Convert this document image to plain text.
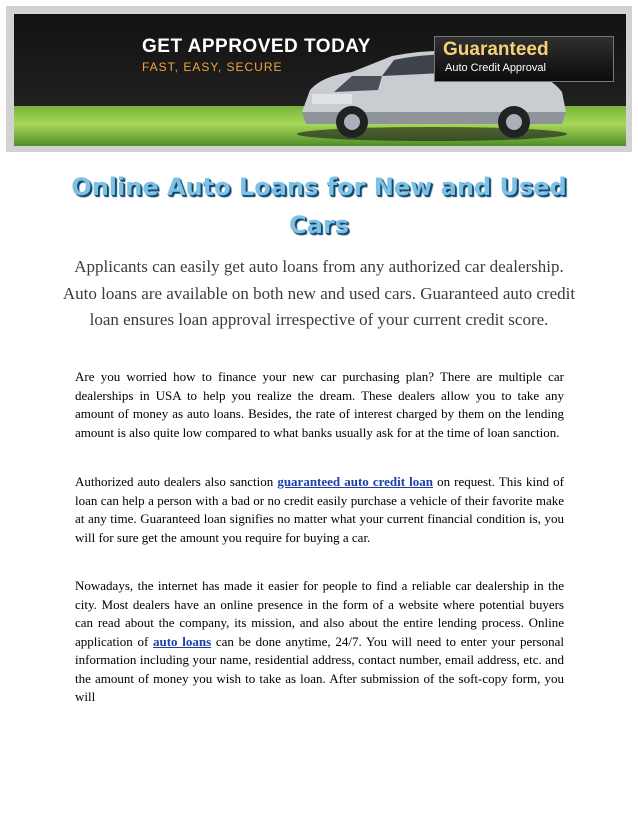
GET APPROVED TODAY
FAST, EASY, SECURE
Guaranteed
Auto Credit Approval
Online Auto Loans for New and Used Cars
Applicants can easily get auto loans from any authorized car dealership. Auto loans are available on both new and used cars. Guaranteed auto credit loan ensures loan approval irrespective of your current credit score.

Are you worried how to finance your new car purchasing plan? There are multiple car dealerships in USA to help you realize the dream. These dealers allow you to take any amount of money as auto loans. Besides, the rate of interest charged by them on the lending amount is also quite low compared to what banks usually ask for at the time of loan sanction.

Authorized auto dealers also sanction guaranteed auto credit loan on request. This kind of loan can help a person with a bad or no credit easily purchase a vehicle of their favorite make at any time. Guaranteed loan signifies no matter what your current financial condition is, you will for sure get the amount you require for buying a car.

Nowadays, the internet has made it easier for people to find a reliable car dealership in the city. Most dealers have an online presence in the form of a website where potential buyers can read about the company, its mission, and also about the entire lending process. Online application of auto loans can be done anytime, 24/7. You will need to enter your personal information including your name, residential address, contact number, email address, etc. and the amount of money you wish to take as loan. After submission of the soft-copy form, you will
